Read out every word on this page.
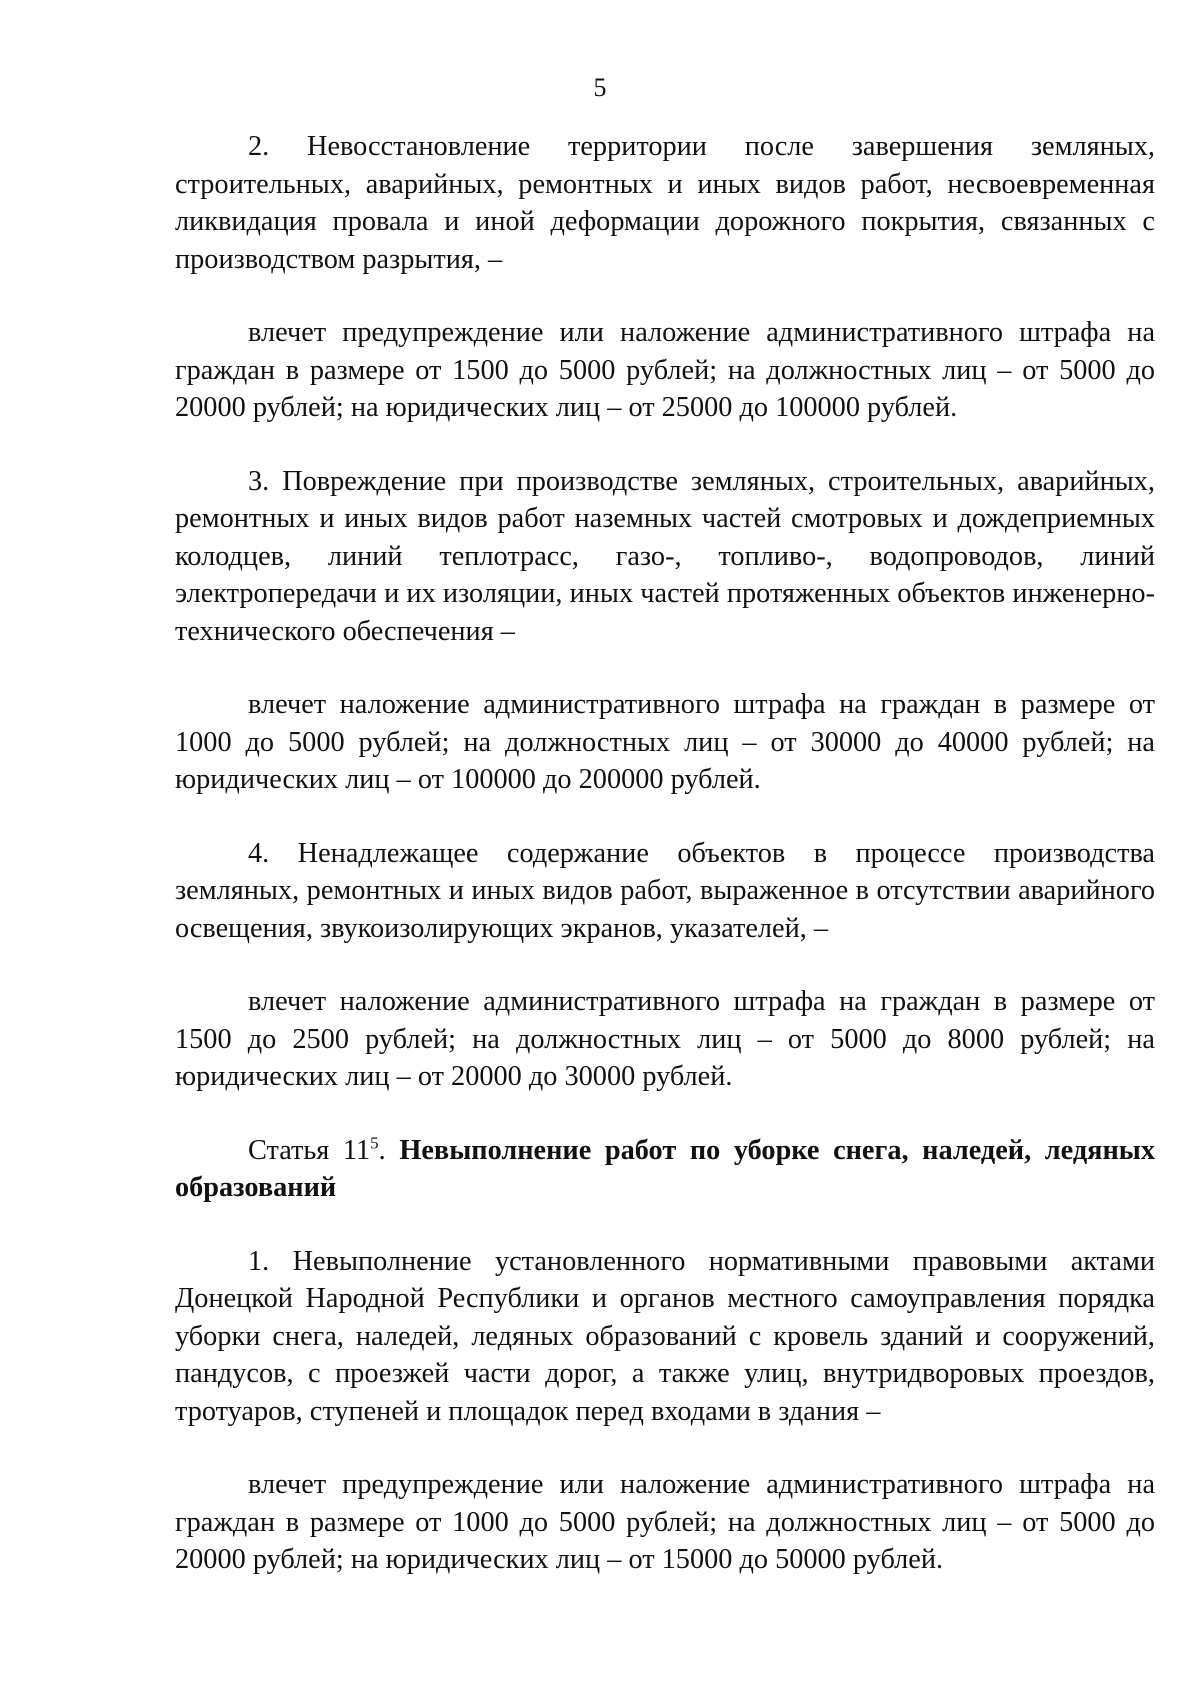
5

2. Невосстановление территории после завершения земляных, строительных, аварийных, ремонтных и иных видов работ, несвоевременная ликвидация провала и иной деформации дорожного покрытия, связанных с производством разрытия, –

влечет предупреждение или наложение административного штрафа на граждан в размере от 1500 до 5000 рублей; на должностных лиц – от 5000 до 20000 рублей; на юридических лиц – от 25000 до 100000 рублей.

3. Повреждение при производстве земляных, строительных, аварийных, ремонтных и иных видов работ наземных частей смотровых и дождеприемных колодцев, линий теплотрасс, газо-, топливо-, водопроводов, линий электропередачи и их изоляции, иных частей протяженных объектов инженерно-технического обеспечения –

влечет наложение административного штрафа на граждан в размере от 1000 до 5000 рублей; на должностных лиц – от 30000 до 40000 рублей; на юридических лиц – от 100000 до 200000 рублей.

4. Ненадлежащее содержание объектов в процессе производства земляных, ремонтных и иных видов работ, выраженное в отсутствии аварийного освещения, звукоизолирующих экранов, указателей, –

влечет наложение административного штрафа на граждан в размере от 1500 до 2500 рублей; на должностных лиц – от 5000 до 8000 рублей; на юридических лиц – от 20000 до 30000 рублей.

Статья $11^5$. Невыполнение работ по уборке снега, наледей, ледяных образований

1. Невыполнение установленного нормативными правовыми актами Донецкой Народной Республики и органов местного самоуправления порядка уборки снега, наледей, ледяных образований с кровель зданий и сооружений, пандусов, с проезжей части дорог, а также улиц, внутридворовых проездов, тротуаров, ступеней и площадок перед входами в здания –

влечет предупреждение или наложение административного штрафа на граждан в размере от 1000 до 5000 рублей; на должностных лиц – от 5000 до 20000 рублей; на юридических лиц – от 15000 до 50000 рублей.
